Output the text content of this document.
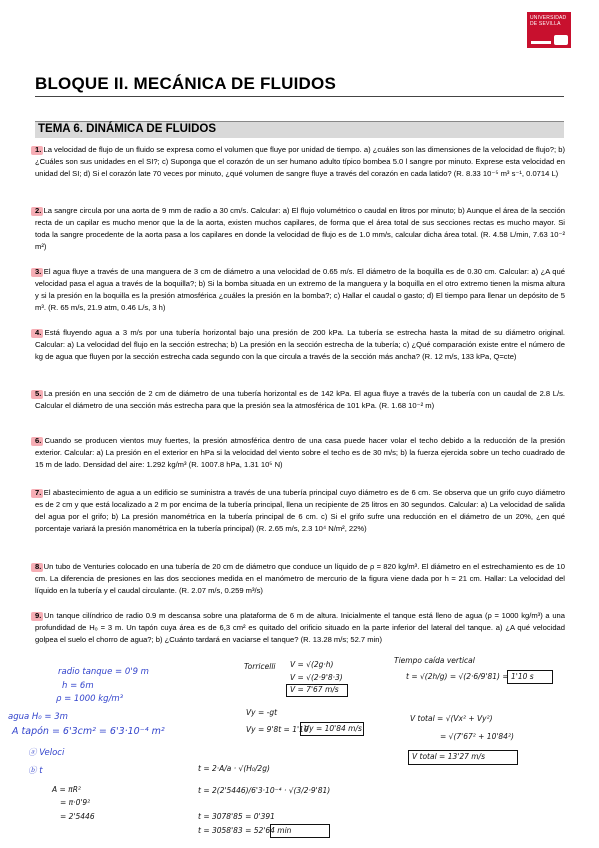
UNIVERSIDAD DE SEVILLA
BLOQUE II. MECÁNICA DE FLUIDOS
TEMA 6. DINÁMICA DE FLUIDOS
1. La velocidad de flujo de un fluido se expresa como el volumen que fluye por unidad de tiempo. a) ¿cuáles son las dimensiones de la velocidad de flujo?; b) ¿Cuáles son sus unidades en el SI?; c) Suponga que el corazón de un ser humano adulto típico bombea 5.0 l sangre por minuto. Exprese esta velocidad en unidad del SI; d) Si el corazón late 70 veces por minuto, ¿qué volumen de sangre fluye a través del corazón en cada latido? (R. 8.33 10⁻⁵ m³ s⁻¹, 0.0714 L)
2. La sangre circula por una aorta de 9 mm de radio a 30 cm/s. Calcular: a) El flujo volumétrico o caudal en litros por minuto; b) Aunque el área de la sección recta de un capilar es mucho menor que la de la aorta, existen muchos capilares, de forma que el área total de sus secciones rectas es mucho mayor. Si toda la sangre procedente de la aorta pasa a los capilares en donde la velocidad de flujo es de 1.0 mm/s, calcular dicha área total. (R. 4.58 L/min, 7.63 10⁻² m²)
3. El agua fluye a través de una manguera de 3 cm de diámetro a una velocidad de 0.65 m/s. El diámetro de la boquilla es de 0.30 cm. Calcular: a) ¿A qué velocidad pasa el agua a través de la boquilla?; b) Si la bomba situada en un extremo de la manguera y la boquilla en el otro extremo tienen la misma altura y si la presión en la boquilla es la presión atmosférica ¿cuáles la presión en la bomba?; c) Hallar el caudal o gasto; d) El tiempo para llenar un depósito de 5 m³. (R. 65 m/s, 21.9 atm, 0.46 L/s, 3 h)
4. Está fluyendo agua a 3 m/s por una tubería horizontal bajo una presión de 200 kPa. La tubería se estrecha hasta la mitad de su diámetro original. Calcular: a) La velocidad del flujo en la sección estrecha; b) La presión en la sección estrecha de la tubería; c) ¿Qué comparación existe entre el número de kg de agua que fluyen por la sección estrecha cada segundo con la que circula a través de la sección más ancha? (R. 12 m/s, 133 kPa, Q=cte)
5. La presión en una sección de 2 cm de diámetro de una tubería horizontal es de 142 kPa. El agua fluye a través de la tubería con un caudal de 2.8 L/s. Calcular el diámetro de una sección más estrecha para que la presión sea la atmosférica de 101 kPa. (R. 1.68 10⁻² m)
6. Cuando se producen vientos muy fuertes, la presión atmosférica dentro de una casa puede hacer volar el techo debido a la reducción de la presión exterior. Calcular: a) La presión en el exterior en hPa si la velocidad del viento sobre el techo es de 30 m/s; b) la fuerza ejercida sobre un techo cuadrado de 15 m de lado. Densidad del aire: 1.292 kg/m³ (R. 1007.8 hPa, 1.31 10⁵ N)
7. El abastecimiento de agua a un edificio se suministra a través de una tubería principal cuyo diámetro es de 6 cm. Se observa que un grifo cuyo diámetro es de 2 cm y que está localizado a 2 m por encima de la tubería principal, llena un recipiente de 25 litros en 30 segundos. Calcular: a) La velocidad de salida del agua por el grifo; b) La presión manométrica en la tubería principal de 6 cm. c) Si el grifo sufre una reducción en el diámetro de un 20%, ¿en qué porcentaje variará la presión manométrica en la tubería principal) (R. 2.65 m/s, 2.3 10⁴ N/m², 22%)
8. Un tubo de Venturies colocado en una tubería de 20 cm de diámetro que conduce un líquido de ρ = 820 kg/m³. El diámetro en el estrechamiento es de 10 cm. La diferencia de presiones en las dos secciones medida en el manómetro de mercurio de la figura viene dada por h = 21 cm. Hallar: La velocidad del líquido en la tubería y el caudal circulante. (R. 2.07 m/s, 0.259 m³/s)
9. Un tanque cilíndrico de radio 0.9 m descansa sobre una plataforma de 6 m de altura. Inicialmente el tanque está lleno de agua (ρ = 1000 kg/m³) a una profundidad de H₀ = 3 m. Un tapón cuya área es de 6,3 cm² es quitado del orificio situado en la parte inferior del lateral del tanque. a) ¿A qué velocidad golpea el suelo el chorro de agua?; b) ¿Cuánto tardará en vaciarse el tanque? (R. 13.28 m/s; 52.7 min)
radio tanque = 0'9 m
h = 6m
ρ = 1000 kg/m³
agua H₀ = 3m
A tapón = 6'3cm² = 6'3·10⁻⁴ m²
ⓐ Veloci
ⓑ t
A = πR²
= π·0'9²
= 2'5446
Torricelli V = √(2g·h)
V = √(2·9'8·3)
V = 7'67 m/s
Vy = -gt
Vy = 9'8t = 1'10
Vy = 10'84 m/s
t = 2·A/a · √(H₀/2g)
t = 2(2'5446)/6'3·10⁻⁴ · √(3/2·9'81)
t = 3078'85 = 0'391
t = 3058'83 = 52'64 min
Tiempo caída vertical
t = √(2h/g) = √(2·6/9'81) = 1'10 s
V total = √(Vx² + Vy²)
= √(7'67² + 10'84²)
V total = 13'27 m/s
